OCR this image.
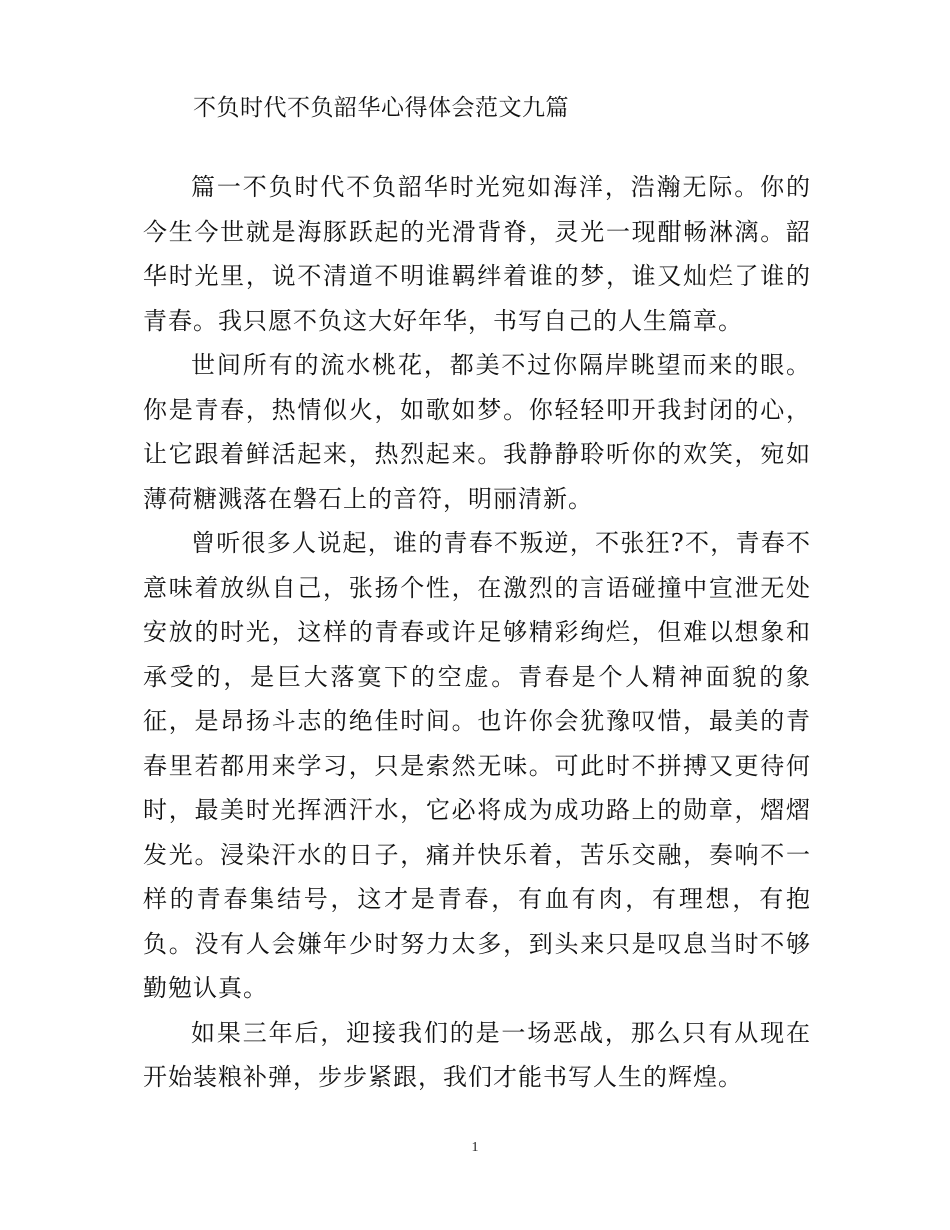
不负时代不负韶华心得体会范文九篇

篇一不负时代不负韶华时光宛如海洋，浩瀚无际。你的今生今世就是海豚跃起的光滑背脊，灵光一现酣畅淋漓。韶华时光里，说不清道不明谁羁绊着谁的梦，谁又灿烂了谁的青春。我只愿不负这大好年华，书写自己的人生篇章。

世间所有的流水桃花，都美不过你隔岸眺望而来的眼。你是青春，热情似火，如歌如梦。你轻轻叩开我封闭的心，让它跟着鲜活起来，热烈起来。我静静聆听你的欢笑，宛如薄荷糖溅落在磐石上的音符，明丽清新。

曾听很多人说起，谁的青春不叛逆，不张狂?不，青春不意味着放纵自己，张扬个性，在激烈的言语碰撞中宣泄无处安放的时光，这样的青春或许足够精彩绚烂，但难以想象和承受的，是巨大落寞下的空虚。青春是个人精神面貌的象征，是昂扬斗志的绝佳时间。也许你会犹豫叹惜，最美的青春里若都用来学习，只是索然无味。可此时不拼搏又更待何时，最美时光挥洒汗水，它必将成为成功路上的勋章，熠熠发光。浸染汗水的日子，痛并快乐着，苦乐交融，奏响不一样的青春集结号，这才是青春，有血有肉，有理想，有抱负。没有人会嫌年少时努力太多，到头来只是叹息当时不够勤勉认真。

如果三年后，迎接我们的是一场恶战，那么只有从现在开始装粮补弹，步步紧跟，我们才能书写人生的辉煌。

1
